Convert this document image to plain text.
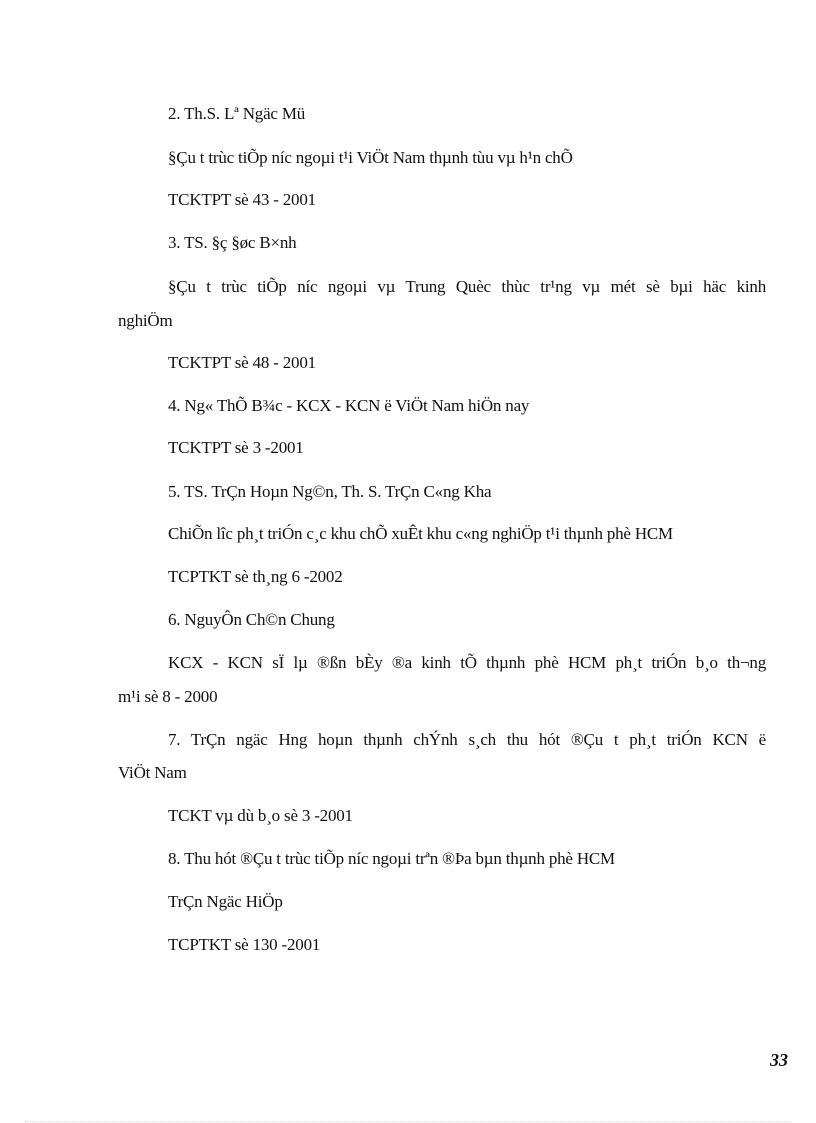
2. Th.S. Lª Ngäc Mü
§Çu t trùc tiÕp níc ngoµi t¹i ViÖt Nam thµnh tùu vµ h¹n chÕ
TCKTPT sè 43 - 2001
3. TS. §ç §øc B×nh
§Çu t trùc tiÕp níc ngoµi vµ Trung Quèc thùc tr¹ng vµ mét sè bµi häc kinh
nghiÖm
TCKTPT sè 48 - 2001
4. Ng« ThÕ B¾c - KCX - KCN ë ViÖt Nam hiÖn nay
TCKTPT sè 3 -2001
5. TS. TrÇn Hoµn Ng©n, Th. S. TrÇn C«ng Kha
ChiÕn lîc ph¸t triÓn c¸c khu chÕ xuÊt khu c«ng nghiÖp t¹i thµnh phè HCM
TCPTKT sè th¸ng 6 -2002
6. NguyÔn Ch©n Chung
KCX - KCN sÏ lµ ®ßn bÈy ®a kinh tÕ thµnh phè HCM ph¸t triÓn b¸o th¬ng
m¹i sè 8 - 2000
7. TrÇn ngäc Hng hoµn thµnh chÝnh s¸ch thu hót ®Çu t ph¸t triÓn KCN ë
ViÖt Nam
TCKT vµ dù b¸o sè 3 -2001
8. Thu hót ®Çu t trùc tiÕp níc ngoµi trªn ®Þa bµn thµnh phè HCM
TrÇn Ngäc HiÖp
TCPTKT sè 130 -2001
33
